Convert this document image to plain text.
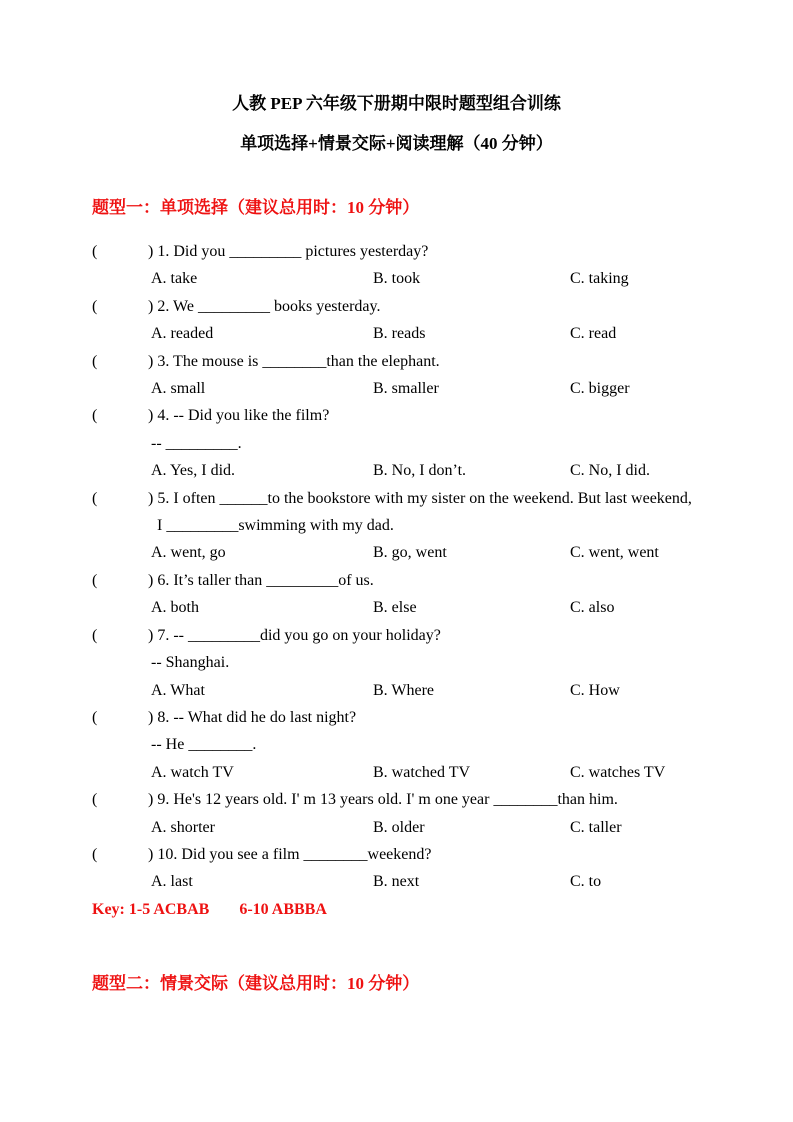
人教 PEP 六年级下册期中限时题型组合训练
单项选择+情景交际+阅读理解（40 分钟）
题型一：单项选择（建议总用时：10 分钟）
(	) 1. Did you _________ pictures yesterday?
A. take	B. took	C. taking
(	) 2. We _________ books yesterday.
A. readed	B. reads	C. read
(	) 3. The mouse is ________than the elephant.
A. small	B. smaller	C. bigger
(	) 4. -- Did you like the film?
-- _________.
A. Yes, I did.	B. No, I don’t.	C. No, I did.
(	) 5. I often ______to the bookstore with my sister on the weekend. But last weekend,
I _________swimming with my dad.
A. went, go	B. go, went	C. went, went
(	) 6. It’s taller than _________of us.
A. both	B. else	C. also
(	) 7. -- _________did you go on your holiday?
-- Shanghai.
A. What	B. Where	C. How
(	) 8. -- What did he do last night?
-- He ________.
A. watch TV	B. watched TV	C. watches TV
(	) 9. He's 12 years old. I' m 13 years old. I' m one year ________than him.
A. shorter	B. older	C. taller
(	) 10. Did you see a film ________weekend?
A. last	B. next	C. to
Key: 1-5 ACBAB 6-10 ABBBA
题型二：情景交际（建议总用时：10 分钟）
